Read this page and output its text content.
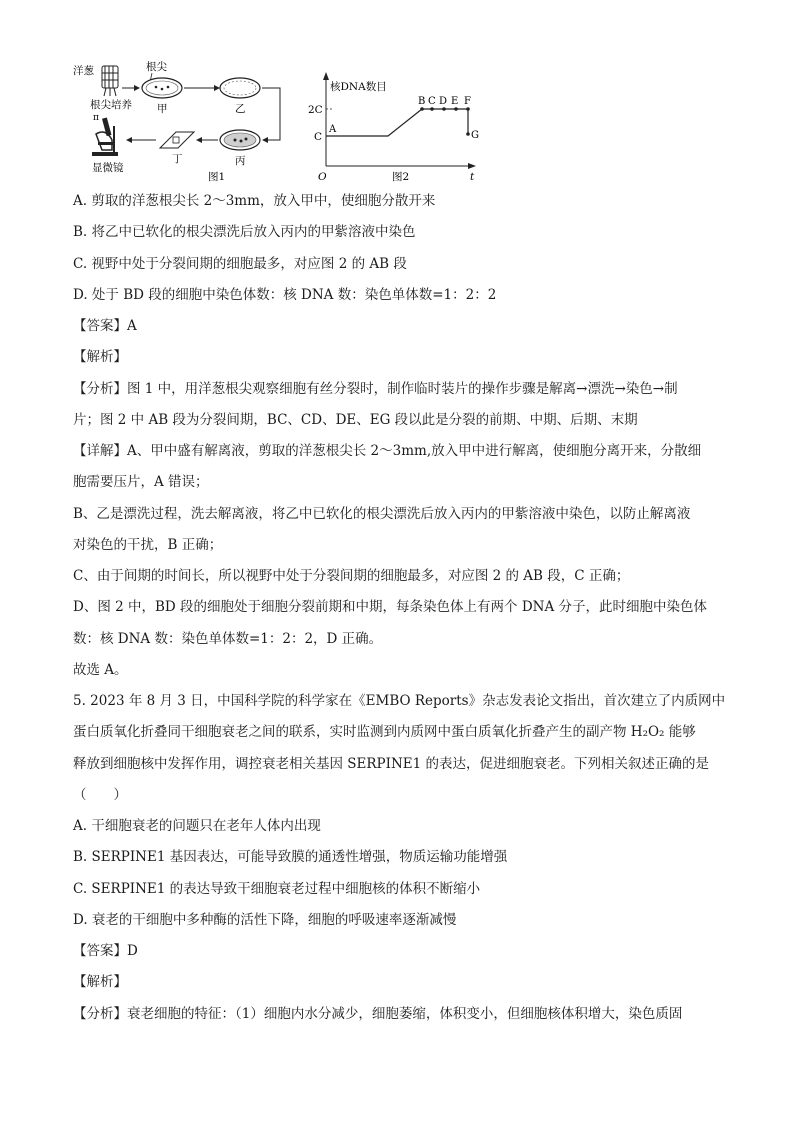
洋葱
根尖培养
根尖
甲	乙
丙
丁
π
显微镜
图1
核DNA数目
2C
C
O	t
A
B C D E F
G
图2
A. 剪取的洋葱根尖长 2～3mm，放入甲中，使细胞分散开来
B. 将乙中已软化的根尖漂洗后放入丙内的甲紫溶液中染色
C. 视野中处于分裂间期的细胞最多，对应图 2 的 AB 段
D. 处于 BD 段的细胞中染色体数：核 DNA 数：染色单体数=1：2：2
【答案】A
【解析】
【分析】图 1 中，用洋葱根尖观察细胞有丝分裂时，制作临时装片的操作步骤是解离→漂洗→染色→制
片；图 2 中 AB 段为分裂间期，BC、CD、DE、EG 段以此是分裂的前期、中期、后期、末期
【详解】A、甲中盛有解离液，剪取的洋葱根尖长 2～3mm,放入甲中进行解离，使细胞分离开来，分散细
胞需要压片，A 错误；
B、乙是漂洗过程，洗去解离液，将乙中已软化的根尖漂洗后放入丙内的甲紫溶液中染色，以防止解离液
对染色的干扰，B 正确；
C、由于间期的时间长，所以视野中处于分裂间期的细胞最多，对应图 2 的 AB 段，C 正确；
D、图 2 中，BD 段的细胞处于细胞分裂前期和中期，每条染色体上有两个 DNA 分子，此时细胞中染色体
数：核 DNA 数：染色单体数=1：2：2，D 正确。
故选 A。
5. 2023 年 8 月 3 日，中国科学院的科学家在《EMBO Reports》杂志发表论文指出，首次建立了内质网中
蛋白质氧化折叠同干细胞衰老之间的联系，实时监测到内质网中蛋白质氧化折叠产生的副产物 H₂O₂ 能够
释放到细胞核中发挥作用，调控衰老相关基因 SERPINE1 的表达，促进细胞衰老。下列相关叙述正确的是
（　　）
A. 干细胞衰老的问题只在老年人体内出现
B. SERPINE1 基因表达，可能导致膜的通透性增强，物质运输功能增强
C. SERPINE1 的表达导致干细胞衰老过程中细胞核的体积不断缩小
D. 衰老的干细胞中多种酶的活性下降，细胞的呼吸速率逐渐减慢
【答案】D
【解析】
【分析】衰老细胞的特征：（1）细胞内水分减少，细胞萎缩，体积变小，但细胞核体积增大，染色质固
